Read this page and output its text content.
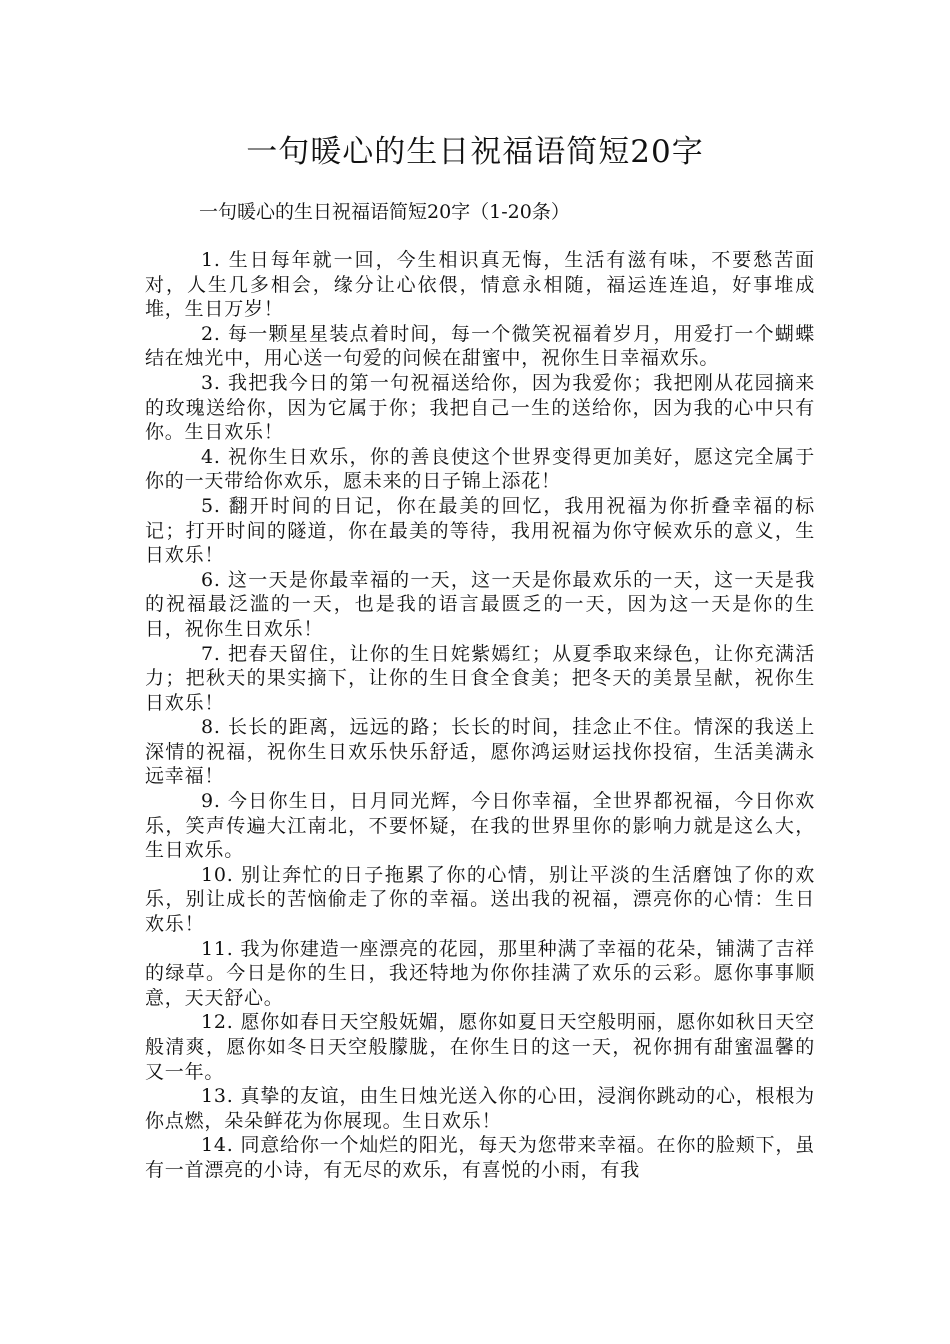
一句暖心的生日祝福语简短20字

一句暖心的生日祝福语简短20字（1-20条）

1. 生日每年就一回，今生相识真无悔，生活有滋有味，不要愁苦面对，人生几多相会，缘分让心依偎，情意永相随，福运连连追，好事堆成堆，生日万岁！

2. 每一颗星星装点着时间，每一个微笑祝福着岁月，用爱打一个蝴蝶结在烛光中，用心送一句爱的问候在甜蜜中，祝你生日幸福欢乐。

3. 我把我今日的第一句祝福送给你，因为我爱你；我把刚从花园摘来的玫瑰送给你，因为它属于你；我把自己一生的送给你，因为我的心中只有你。生日欢乐！

4. 祝你生日欢乐，你的善良使这个世界变得更加美好，愿这完全属于你的一天带给你欢乐，愿未来的日子锦上添花！

5. 翻开时间的日记，你在最美的回忆，我用祝福为你折叠幸福的标记；打开时间的隧道，你在最美的等待，我用祝福为你守候欢乐的意义，生日欢乐！

6. 这一天是你最幸福的一天，这一天是你最欢乐的一天，这一天是我的祝福最泛滥的一天，也是我的语言最匮乏的一天，因为这一天是你的生日，祝你生日欢乐！

7. 把春天留住，让你的生日姹紫嫣红；从夏季取来绿色，让你充满活力；把秋天的果实摘下，让你的生日食全食美；把冬天的美景呈献，祝你生日欢乐！

8. 长长的距离，远远的路；长长的时间，挂念止不住。情深的我送上深情的祝福，祝你生日欢乐快乐舒适，愿你鸿运财运找你投宿，生活美满永远幸福！

9. 今日你生日，日月同光辉，今日你幸福，全世界都祝福，今日你欢乐，笑声传遍大江南北，不要怀疑，在我的世界里你的影响力就是这么大，生日欢乐。

10. 别让奔忙的日子拖累了你的心情，别让平淡的生活磨蚀了你的欢乐，别让成长的苦恼偷走了你的幸福。送出我的祝福，漂亮你的心情：生日欢乐！

11. 我为你建造一座漂亮的花园，那里种满了幸福的花朵，铺满了吉祥的绿草。今日是你的生日，我还特地为你你挂满了欢乐的云彩。愿你事事顺意，天天舒心。

12. 愿你如春日天空般妩媚，愿你如夏日天空般明丽，愿你如秋日天空般清爽，愿你如冬日天空般朦胧，在你生日的这一天，祝你拥有甜蜜温馨的又一年。

13. 真挚的友谊，由生日烛光送入你的心田，浸润你跳动的心，根根为你点燃，朵朵鲜花为你展现。生日欢乐！

14. 同意给你一个灿烂的阳光，每天为您带来幸福。在你的脸颊下，虽有一首漂亮的小诗，有无尽的欢乐，有喜悦的小雨，有我
